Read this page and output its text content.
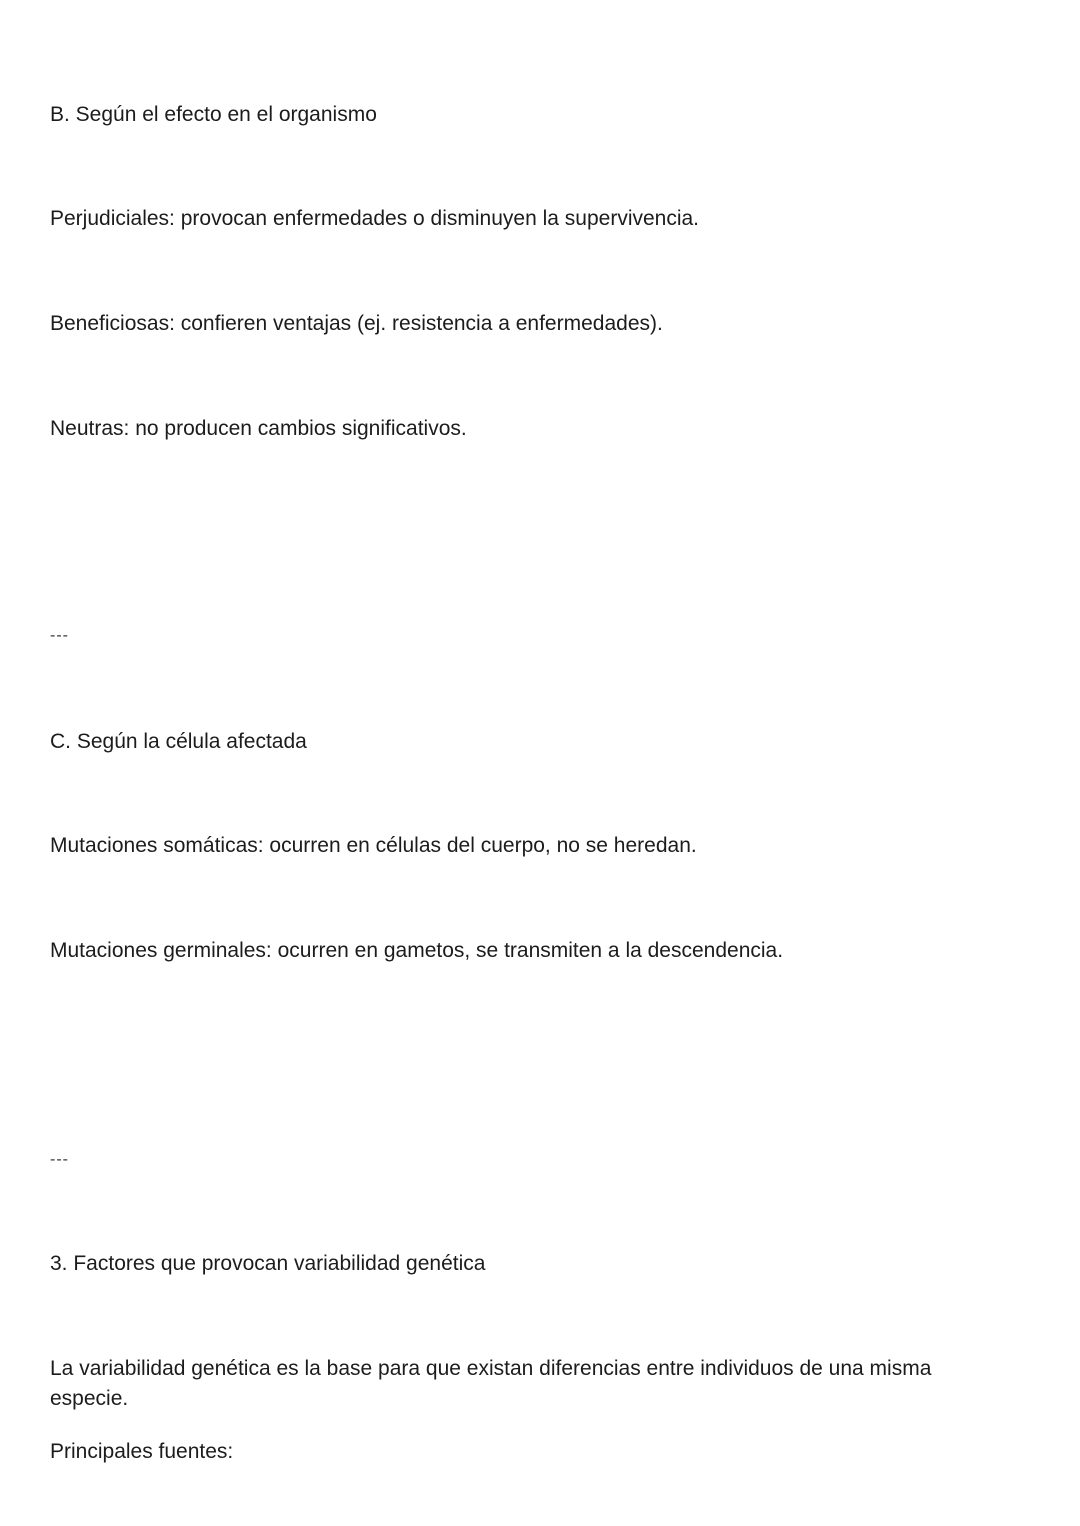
B. Según el efecto en el organismo

Perjudiciales: provocan enfermedades o disminuyen la supervivencia.

Beneficiosas: confieren ventajas (ej. resistencia a enfermedades).

Neutras: no producen cambios significativos.

---

C. Según la célula afectada

Mutaciones somáticas: ocurren en células del cuerpo, no se heredan.

Mutaciones germinales: ocurren en gametos, se transmiten a la descendencia.

---

3. Factores que provocan variabilidad genética

La variabilidad genética es la base para que existan diferencias entre individuos de una misma especie.

Principales fuentes:
